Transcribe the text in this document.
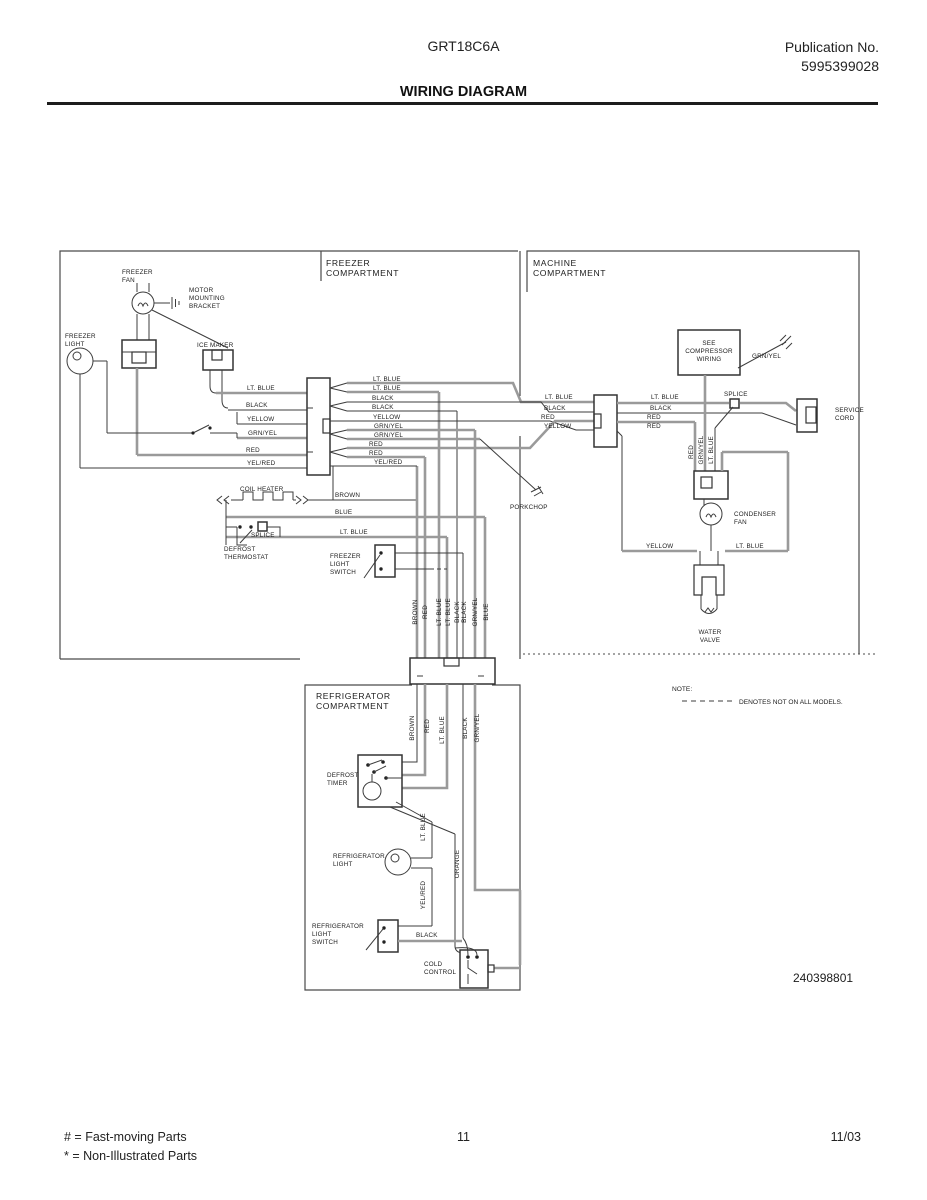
GRT18C6A	Publication No.
5995399028
WIRING DIAGRAM
FREEZER
COMPARTMENT
MACHINE
COMPARTMENT
REFRIGERATOR
COMPARTMENT
FREEZER
LIGHT
FREEZER
FAN
MOTOR
MOUNTING
BRACKET
ICE MAKER
LT. BLUE
BLACK
YELLOW
GRN/YEL
RED
YEL/RED
LT. BLUE
LT. BLUE
BLACK
BLACK
YELLOW
GRN/YEL
GRN/YEL
RED
RED
YEL/RED
PORKCHOP
COIL HEATER
BROWN
BLUE
LT. BLUE
SPLICE
DEFROST
THERMOSTAT	FREEZER
LIGHT
SWITCH
BROWN RED LT. BLUE LT. BLUE BLACK BLACK GRN/YEL BLUE
LT. BLUE
BLACK
RED
YELLOW
LT. BLUE
BLACK
RED
RED
SEE
COMPRESSOR
WIRING	GRN/YEL
SPLICE
SERVICE
CORD
RED GRN/YEL LT. BLUE
CONDENSER
FAN
YELLOW	LT. BLUE
WATER
VALVE
BROWN RED LT. BLUE	BLACK GRN/YEL
DEFROST
TIMER
LT. BLUE
ORANGE
REFRIGERATOR
LIGHT
YEL/RED
REFRIGERATOR
LIGHT
SWITCH
BLACK
COLD
CONTROL
NOTE:
DENOTES NOT ON ALL MODELS.
240398801
# = Fast-moving Parts
* = Non-Illustrated Parts
11	11/03
